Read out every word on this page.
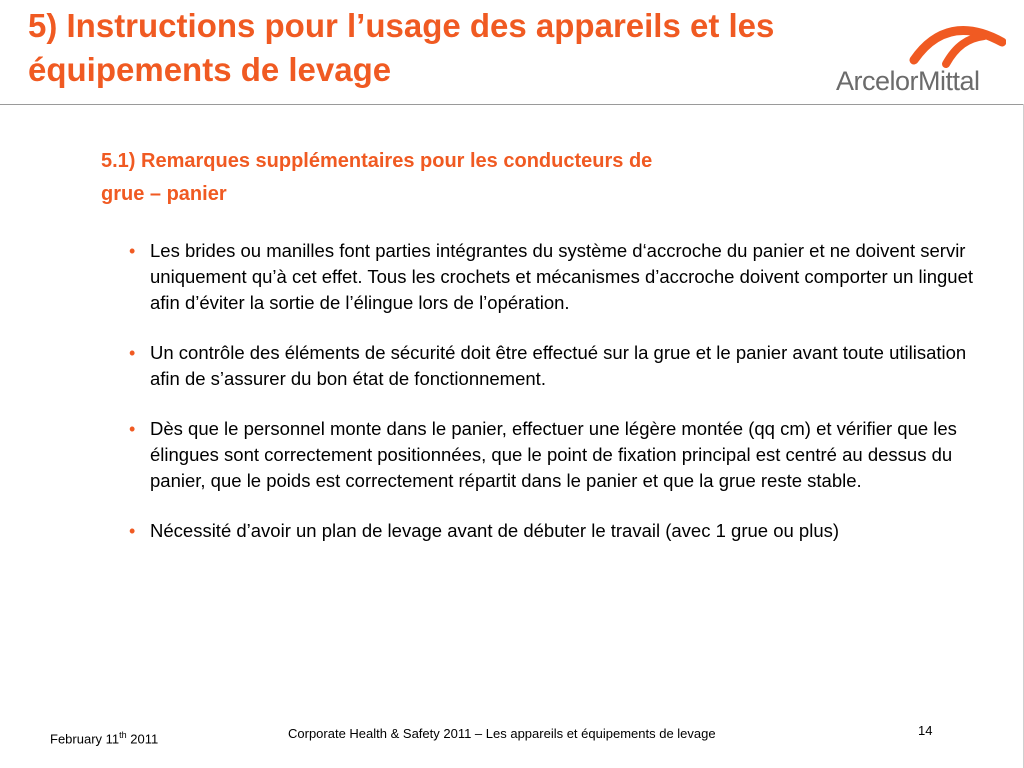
5) Instructions pour l’usage des appareils et les équipements de levage	ArcelorMittal
5.1) Remarques supplémentaires pour les conducteurs de grue – panier
• Les brides ou manilles font parties intégrantes du système d‘accroche du panier et ne doivent servir uniquement qu’à cet effet. Tous les crochets et mécanismes d’accroche doivent comporter un linguet afin d’éviter la sortie de l’élingue lors de l’opération.
• Un contrôle des éléments de sécurité doit être effectué sur la grue et le panier avant toute utilisation afin de s’assurer du bon état de fonctionnement.
• Dès que le personnel monte dans le panier, effectuer une légère montée (qq cm) et vérifier que les élingues sont correctement positionnées, que le point de fixation principal est centré au dessus du panier, que le poids est correctement répartit dans le panier et que la grue reste stable.
• Nécessité d’avoir un plan de levage avant de débuter le travail (avec 1 grue ou plus)
February 11th 2011	Corporate Health & Safety 2011 – Les appareils et équipements de levage	14
